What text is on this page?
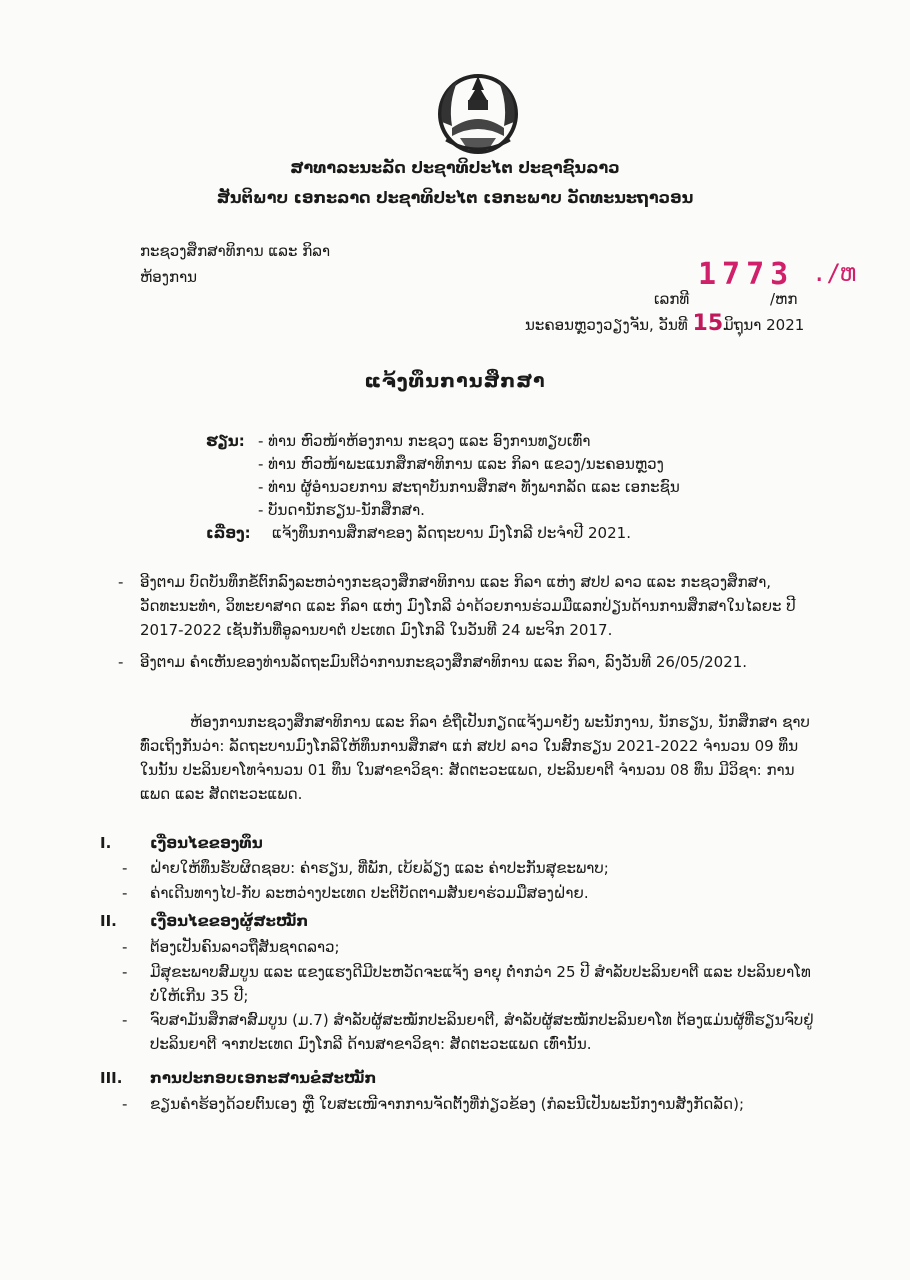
ສາທາລະນະລັດ ປະຊາທິປະໄຕ ປະຊາຊົນລາວ
ສັນຕິພາບ ເອກະລາດ ປະຊາທິປະໄຕ ເອກະພາບ ວັດທະນະຖາວອນ
ກະຊວງສຶກສາທິການ ແລະ ກິລາ
ຫ້ອງການ	1773 ./ຫ
ເລກທີ	/ຫກ
ນະຄອນຫຼວງວຽງຈັນ, ວັນທີ 15ມິຖຸນາ 2021
ແຈ້ງທຶນການສຶກສາ
ຮຽນ: - ທ່ານ ຫົວໜ້າຫ້ອງການ ກະຊວງ ແລະ ອົງການທຽບເທົ່າ
- ທ່ານ ຫົວໜ້າພະແນກສຶກສາທິການ ແລະ ກິລາ ແຂວງ/ນະຄອນຫຼວງ
- ທ່ານ ຜູ້ອຳນວຍການ ສະຖາບັນການສຶກສາ ທັງພາກລັດ ແລະ ເອກະຊົນ
- ບັນດານັກຮຽນ-ນັກສຶກສາ.
ເລື່ອງ: ແຈ້ງທຶນການສຶກສາຂອງ ລັດຖະບານ ມົງໂກລີ ປະຈຳປີ 2021.
- ອີງຕາມ ບົດບັນທຶກຂໍ້ຕົກລົງລະຫວ່າງກະຊວງສຶກສາທິການ ແລະ ກິລາ ແຫ່ງ ສປປ ລາວ ແລະ ກະຊວງສຶກສາ,
ວັດທະນະທຳ, ວິທະຍາສາດ ແລະ ກິລາ ແຫ່ງ ມົງໂກລີ ວ່າດ້ວຍການຮ່ວມມືແລກປ່ຽນດ້ານການສຶກສາໃນໄລຍະ ປີ
2017-2022 ເຊັນກັນທີ່ອູລານບາຕໍ ປະເທດ ມົງໂກລີ ໃນວັນທີ 24 ພະຈິກ 2017.
- ອີງຕາມ ຄຳເຫັນຂອງທ່ານລັດຖະມົນຕີວ່າການກະຊວງສຶກສາທິການ ແລະ ກິລາ, ລົງວັນທີ 26/05/2021.
ຫ້ອງການກະຊວງສຶກສາທິການ ແລະ ກິລາ ຂໍຖືເປັນກຽດແຈ້ງມາຍັງ ພະນັກງານ, ນັກຮຽນ, ນັກສຶກສາ ຊາບ
ທົ່ວເຖິງກັນວ່າ: ລັດຖະບານມົງໂກລີໃຫ້ທຶນການສຶກສາ ແກ່ ສປປ ລາວ ໃນສົກຮຽນ 2021-2022 ຈຳນວນ 09 ທຶນ
ໃນນັ້ນ ປະລິນຍາໂທຈຳນວນ 01 ທຶນ ໃນສາຂາວິຊາ: ສັດຕະວະແພດ, ປະລິນຍາຕີ ຈຳນວນ 08 ທຶນ ມີວິຊາ: ການ
ແພດ ແລະ ສັດຕະວະແພດ.
I.	ເງື່ອນໄຂຂອງທຶນ
- ຝ່າຍໃຫ້ທຶນຮັບຜິດຊອບ: ຄ່າຮຽນ, ທີ່ພັກ, ເບ້ຍລ້ຽງ ແລະ ຄ່າປະກັນສຸຂະພາບ;
- ຄ່າເດີນທາງໄປ-ກັບ ລະຫວ່າງປະເທດ ປະຕິບັດຕາມສັນຍາຮ່ວມມືສອງຝ່າຍ.
II. ເງື່ອນໄຂຂອງຜູ້ສະໝັກ
- ຕ້ອງເປັນຄົນລາວຖືສັນຊາດລາວ;
- ມີສຸຂະພາບສົມບູນ ແລະ ແຂງແຮງດີມີປະຫວັດຈະແຈ້ງ ອາຍຸ ຕ່ຳກວ່າ 25 ປີ ສຳລັບປະລິນຍາຕີ ແລະ ປະລິນຍາໂທ
ບໍ່ໃຫ້ເກີນ 35 ປີ;
- ຈົບສາມັນສຶກສາສົມບູນ (ມ.7) ສຳລັບຜູ້ສະໝັກປະລິນຍາຕີ, ສຳລັບຜູ້ສະໝັກປະລິນຍາໂທ ຕ້ອງແມ່ນຜູ້ທີ່ຮຽນຈົບຢູ່
ປະລິນຍາຕີ ຈາກປະເທດ ມົງໂກລີ ດ້ານສາຂາວິຊາ: ສັດຕະວະແພດ ເທົ່ານັ້ນ.
III. ການປະກອບເອກະສານຂໍສະໝັກ
- ຂຽນຄຳຮ້ອງດ້ວຍຕົນເອງ ຫຼື ໃບສະເໜີຈາກການຈັດຕັ້ງທີ່ກ່ຽວຂ້ອງ (ກໍລະນີເປັນພະນັກງານສັງກັດລັດ);
